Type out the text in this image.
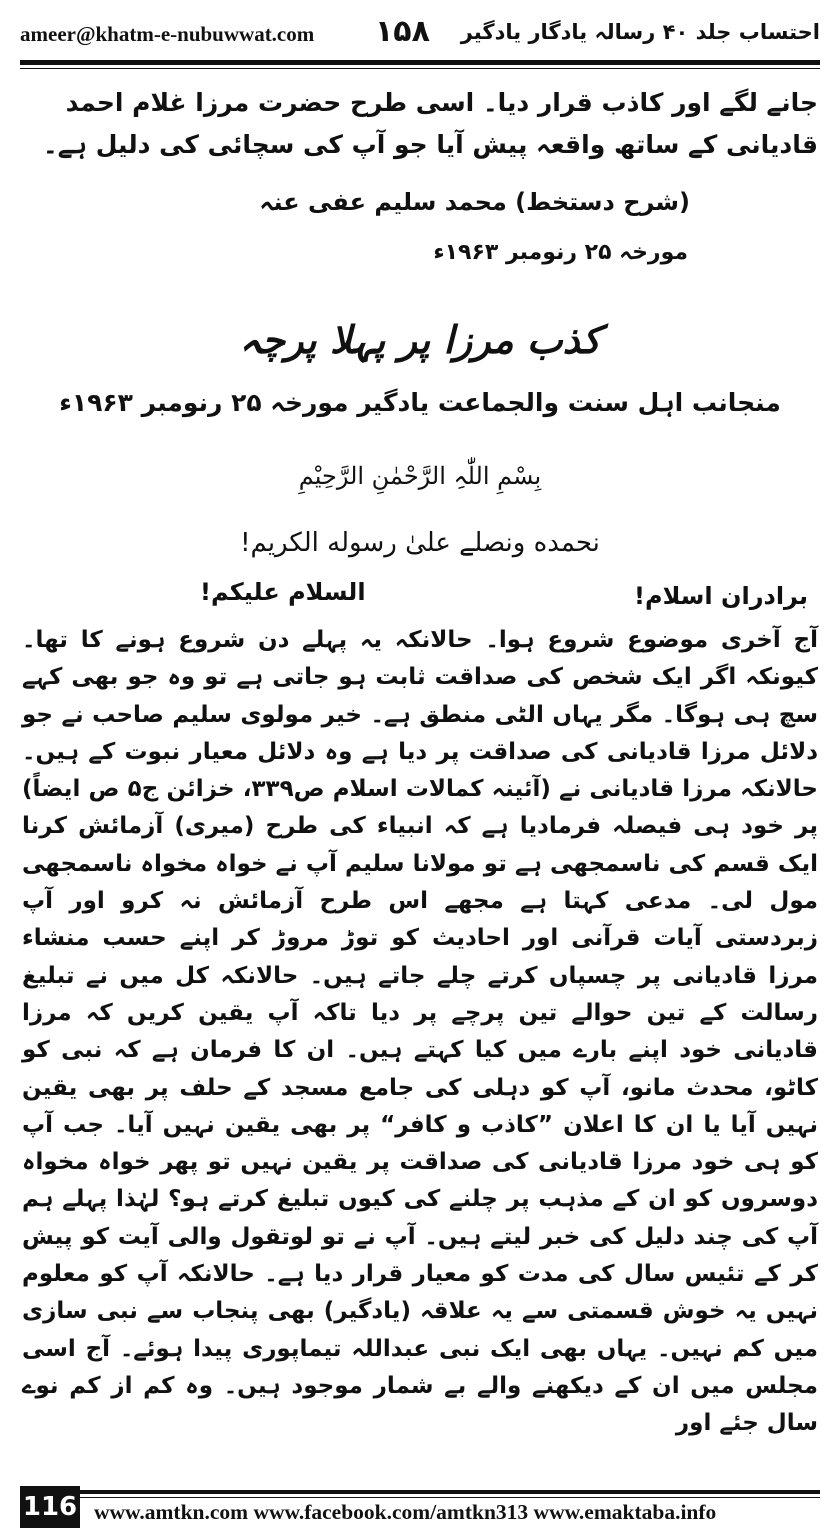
ameer@khatm-e-nubuwwat.com ۱۵۸ احتساب جلد ۴۰ رسالہ یادگار یادگیر
جانے لگے اور کاذب قرار دیا۔ اسی طرح حضرت مرزا غلام احمد قادیانی کے ساتھ واقعہ پیش آیا جو آپ کی سچائی کی دلیل ہے۔
(شرح دستخط) محمد سلیم عفی عنہ
مورخہ ۲۵ رنومبر ۱۹۶۳ء
کذب مرزا پر پہلا پرچہ
منجانب اہل سنت والجماعت یادگیر مورخہ ۲۵ رنومبر ۱۹۶۳ء
بِسْمِ اللّٰہِ الرَّحْمٰنِ الرَّحِیْمِ
نحمده ونصلے علیٰ رسوله الکریم!
برادران اسلام!
السلام علیکم!

آج آخری موضوع شروع ہوا۔ حالانکہ یہ پہلے دن شروع ہونے کا تھا۔ کیونکہ اگر ایک شخص کی صداقت ثابت ہو جاتی ہے تو وہ جو بھی کہے سچ ہی ہوگا۔ مگر یہاں الٹی منطق ہے۔ خیر مولوی سلیم صاحب نے جو دلائل مرزا قادیانی کی صداقت پر دیا ہے وہ دلائل معیار نبوت کے ہیں۔ حالانکہ مرزا قادیانی نے (آئینہ کمالات اسلام ص۳۳۹، خزائن ج۵ ص ایضاً) پر خود ہی فیصلہ فرمادیا ہے کہ انبیاء کی طرح (میری) آزمائش کرنا ایک قسم کی ناسمجھی ہے تو مولانا سلیم آپ نے خواہ مخواہ ناسمجھی مول لی۔ مدعی کہتا ہے مجھے اس طرح آزمائش نہ کرو اور آپ زبردستی آیات قرآنی اور احادیث کو توڑ مروڑ کر اپنے حسب منشاء مرزا قادیانی پر چسپاں کرتے چلے جاتے ہیں۔ حالانکہ کل میں نے تبلیغ رسالت کے تین حوالے تین پرچے پر دیا تاکہ آپ یقین کریں کہ مرزا قادیانی خود اپنے بارے میں کیا کہتے ہیں۔ ان کا فرمان ہے کہ نبی کو کاٹو، محدث مانو، آپ کو دہلی کی جامع مسجد کے حلف پر بھی یقین نہیں آیا یا ان کا اعلان ”کاذب و کافر“ پر بھی یقین نہیں آیا۔ جب آپ کو ہی خود مرزا قادیانی کی صداقت پر یقین نہیں تو پھر خواہ مخواہ دوسروں کو ان کے مذہب پر چلنے کی کیوں تبلیغ کرتے ہو؟ لہٰذا پہلے ہم آپ کی چند دلیل کی خبر لیتے ہیں۔ آپ نے تو لوتقول والی آیت کو پیش کر کے تئیس سال کی مدت کو معیار قرار دیا ہے۔ حالانکہ آپ کو معلوم نہیں یہ خوش قسمتی سے یہ علاقہ (یادگیر) بھی پنجاب سے نبی سازی میں کم نہیں۔ یہاں بھی ایک نبی عبداللہ تیماپوری پیدا ہوئے۔ آج اسی مجلس میں ان کے دیکھنے والے بے شمار موجود ہیں۔ وہ کم از کم نوے سال جئے اور

116 www.amtkn.com www.facebook.com/amtkn313 www.emaktaba.info
